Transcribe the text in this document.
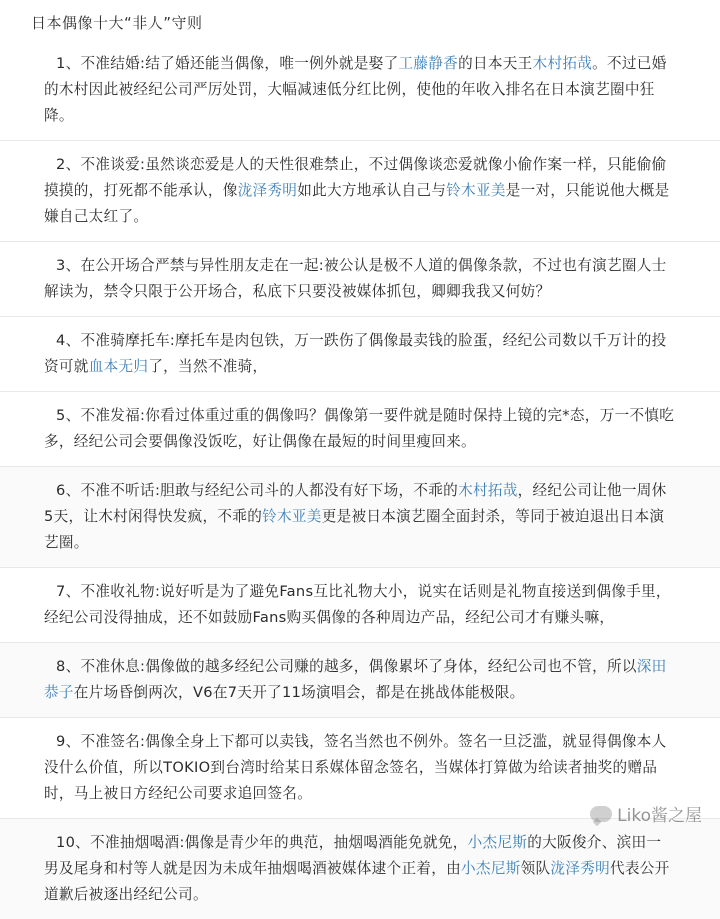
日本偶像十大“非人”守则
1、不准结婚:结了婚还能当偶像，唯一例外就是娶了工藤静香的日本天王木村拓哉。不过已婚的木村因此被经纪公司严厉处罚，大幅减速低分红比例，使他的年收入排名在日本演艺圈中狂降。
2、不准谈爱:虽然谈恋爱是人的天性很难禁止，不过偶像谈恋爱就像小偷作案一样，只能偷偷摸摸的，打死都不能承认，像泷泽秀明如此大方地承认自己与铃木亚美是一对，只能说他大概是嫌自己太红了。
3、在公开场合严禁与异性朋友走在一起:被公认是极不人道的偶像条款，不过也有演艺圈人士解读为，禁令只限于公开场合，私底下只要没被媒体抓包，卿卿我我又何妨？
4、不准骑摩托车:摩托车是肉包铁，万一跌伤了偶像最卖钱的脸蛋，经纪公司数以千万计的投资可就血本无归了，当然不准骑，
5、不准发福:你看过体重过重的偶像吗？偶像第一要件就是随时保持上镜的完*态，万一不慎吃多，经纪公司会要偶像没饭吃，好让偶像在最短的时间里瘦回来。
6、不准不听话:胆敢与经纪公司斗的人都没有好下场，不乖的木村拓哉，经纪公司让他一周休5天，让木村闲得快发疯，不乖的铃木亚美更是被日本演艺圈全面封杀，等同于被迫退出日本演艺圈。
7、不准收礼物:说好听是为了避免Fans互比礼物大小，说实在话则是礼物直接送到偶像手里，经纪公司没得抽成，还不如鼓励Fans购买偶像的各种周边产品，经纪公司才有赚头嘛，
8、不准休息:偶像做的越多经纪公司赚的越多，偶像累坏了身体，经纪公司也不管，所以深田恭子在片场昏倒两次，V6在7天开了11场演唱会，都是在挑战体能极限。
9、不准签名:偶像全身上下都可以卖钱，签名当然也不例外。签名一旦泛滥，就显得偶像本人没什么价值，所以TOKIO到台湾时给某日系媒体留念签名，当媒体打算做为给读者抽奖的赠品时，马上被日方经纪公司要求追回签名。
10、不准抽烟喝酒:偶像是青少年的典范，抽烟喝酒能免就免，小杰尼斯的大阪俊介、滨田一男及尾身和村等人就是因为未成年抽烟喝酒被媒体逮个正着，由小杰尼斯领队泷泽秀明代表公开道歉后被逐出经纪公司。
Liko酱之屋
